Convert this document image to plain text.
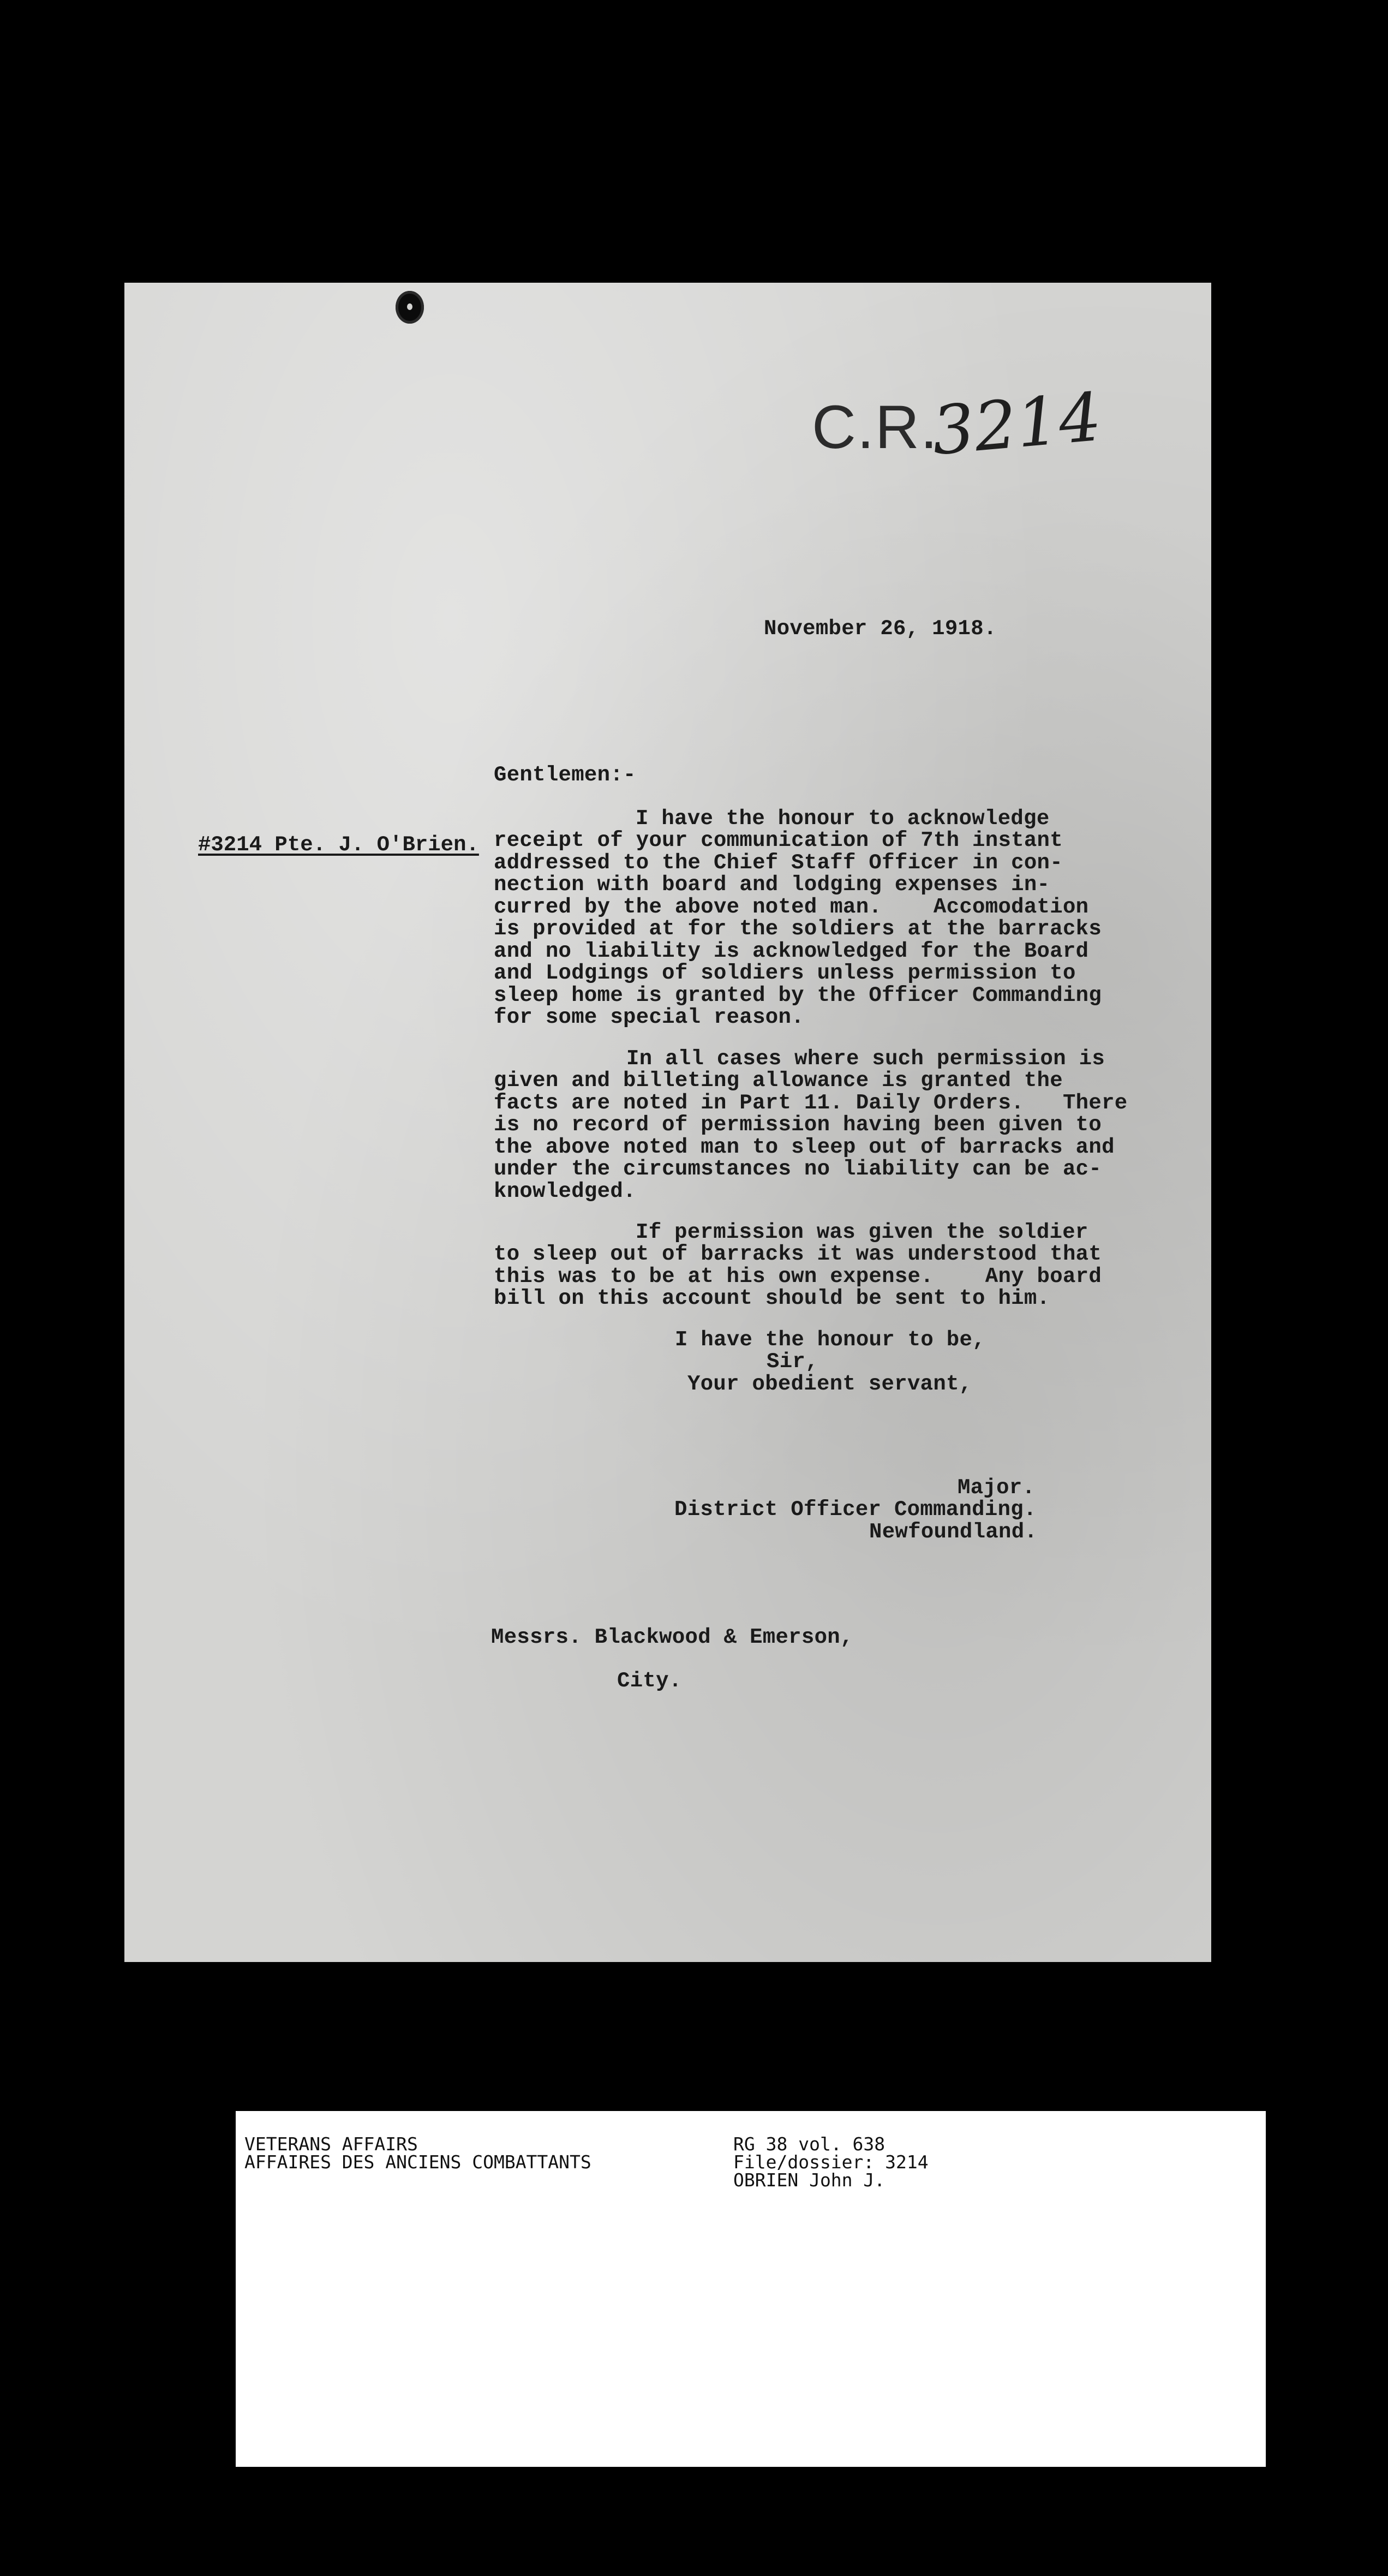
C.R.
3214
November 26, 1918.
Gentlemen:-
#3214 Pte. J. O'Brien.
I have the honour to acknowledge
receipt of your communication of 7th instant
addressed to the Chief Staff Officer in con-
nection with board and lodging expenses in-
curred by the above noted man.    Accomodation
is provided at for the soldiers at the barracks
and no liability is acknowledged for the Board
and Lodgings of soldiers unless permission to
sleep home is granted by the Officer Commanding
for some special reason.
In all cases where such permission is
given and billeting allowance is granted the
facts are noted in Part 11. Daily Orders.   There
is no record of permission having been given to
the above noted man to sleep out of barracks and
under the circumstances no liability can be ac-
knowledged.
If permission was given the soldier
to sleep out of barracks it was understood that
this was to be at his own expense.    Any board
bill on this account should be sent to him.
I have the honour to be,
Sir,
Your obedient servant,
Major.
District Officer Commanding.
Newfoundland.
Messrs. Blackwood & Emerson,
City.
VETERANS AFFAIRS
AFFAIRES DES ANCIENS COMBATTANTS
RG 38 vol. 638
File/dossier: 3214
OBRIEN John J.
